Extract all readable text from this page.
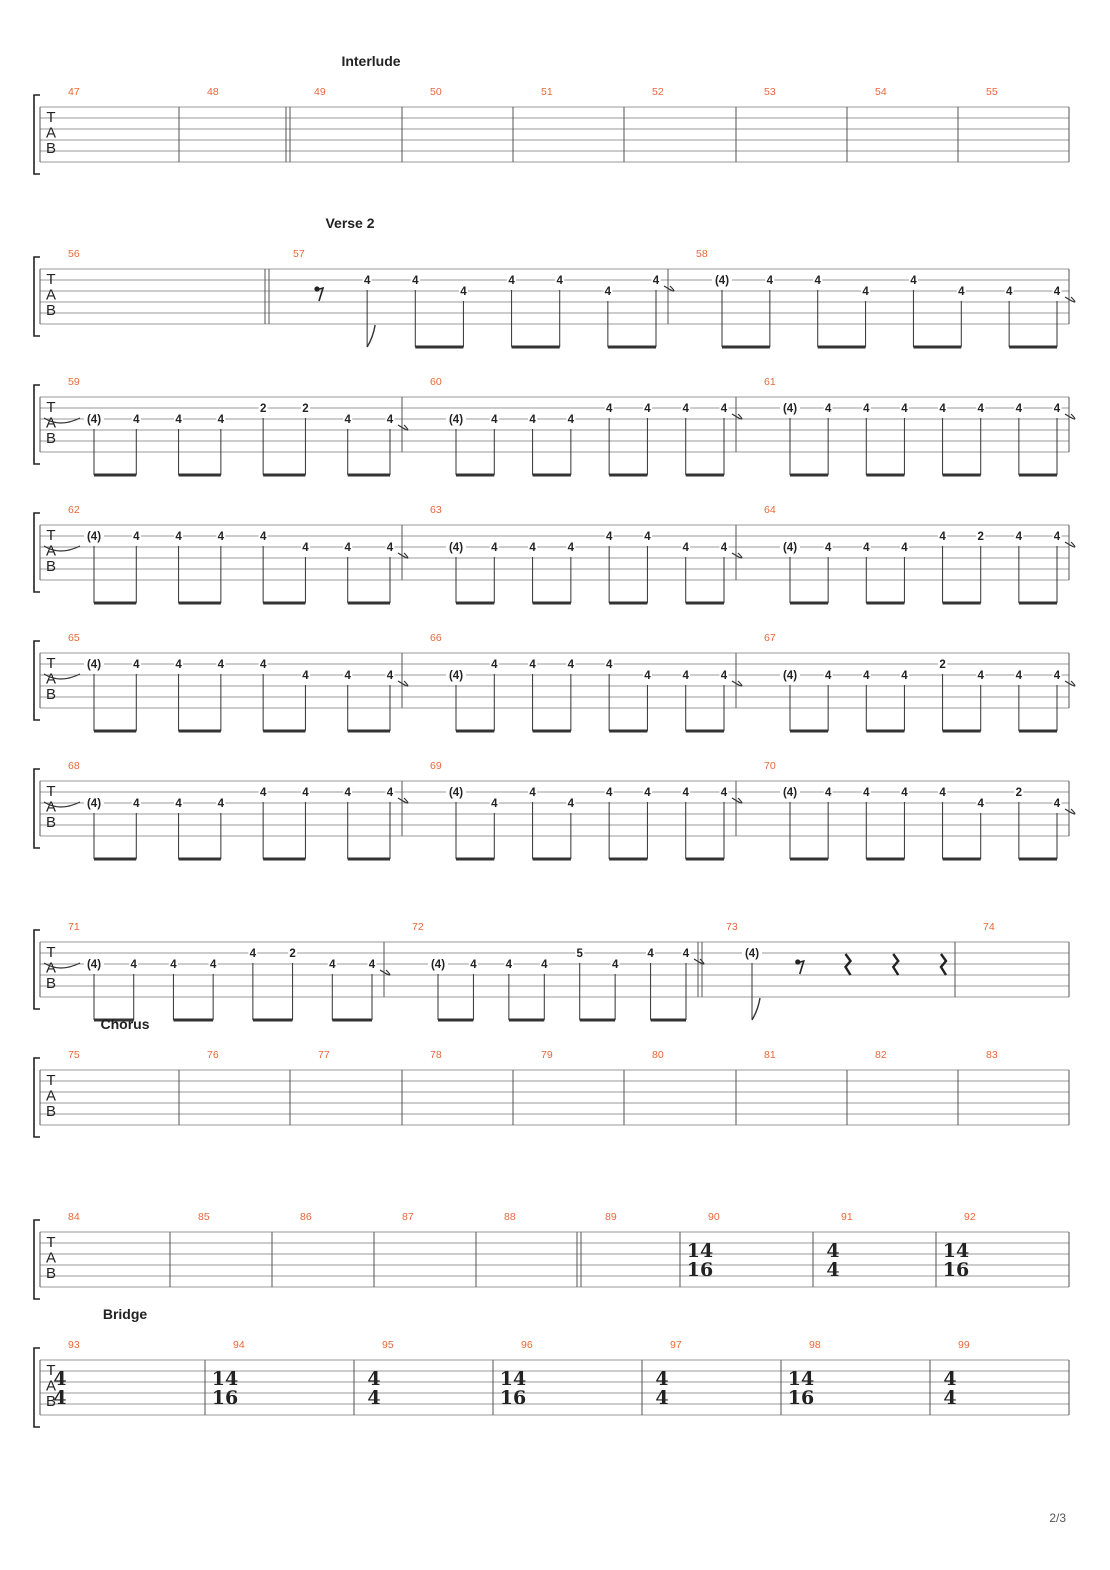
T
A
B
Interlude
47	48	49	50	51	52	53	54	55
T
A
B
Verse 2
56	57
4	4
4
4	4
4
4
58
(4)	4	4
4
4
4	4	4
T
A
B
59
(4)	4	4	4
2	2
4	4
60
(4) 4	4	4
4	4	4	4
61
(4) 4	4	4	4	4	4	4
T
A
B
62
(4)	4	4	4	4
4	4	4
63
(4) 4	4	4
4	4
4	4
64
(4) 4	4	4
4	2	4	4
T
A
B
65
(4)	4	4	4	4
4	4	4
66
(4)
4	4	4	4
4	4	4
67
(4) 4	4	4
2
4	4	4
T
A
B
68
(4)	4	4	4
4	4	4	4
69
(4)
4
4
4
4	4	4	4
70
(4) 4	4	4	4
4
2
4
T
A
B
71
(4)	4	4	4
4	2
4	4
72
(4) 4	4	4
5
4
4	4
73
(4)
74
T
A
B
Chorus
75	76	77	78	79	80	81	82	83
T
A
B
84	85	86	87	88	89	90
14
16
91
4
4
92
14
16
T
A
B
Bridge
93
4
4
94
14
16
95
4
4
96
14
16
97
4
4
98
14
16
99
4
4
2/3
